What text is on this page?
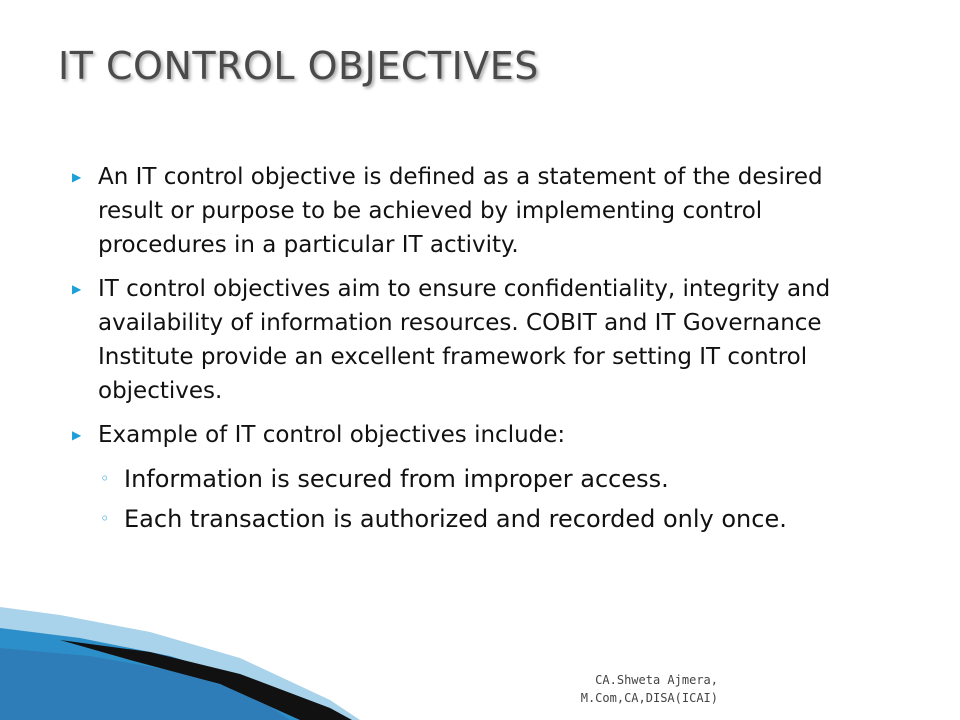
IT CONTROL OBJECTIVES
▶ An IT control objective is defined as a statement of the desired result or purpose to be achieved by implementing control procedures in a particular IT activity.
▶ IT control objectives aim to ensure confidentiality, integrity and availability of information resources. COBIT and IT Governance Institute provide an excellent framework for setting IT control objectives.
▶ Example of IT control objectives include:
◦ Information is secured from improper access.
◦ Each transaction is authorized and recorded only once.
CA.Shweta Ajmera,
M.Com,CA,DISA(ICAI)
